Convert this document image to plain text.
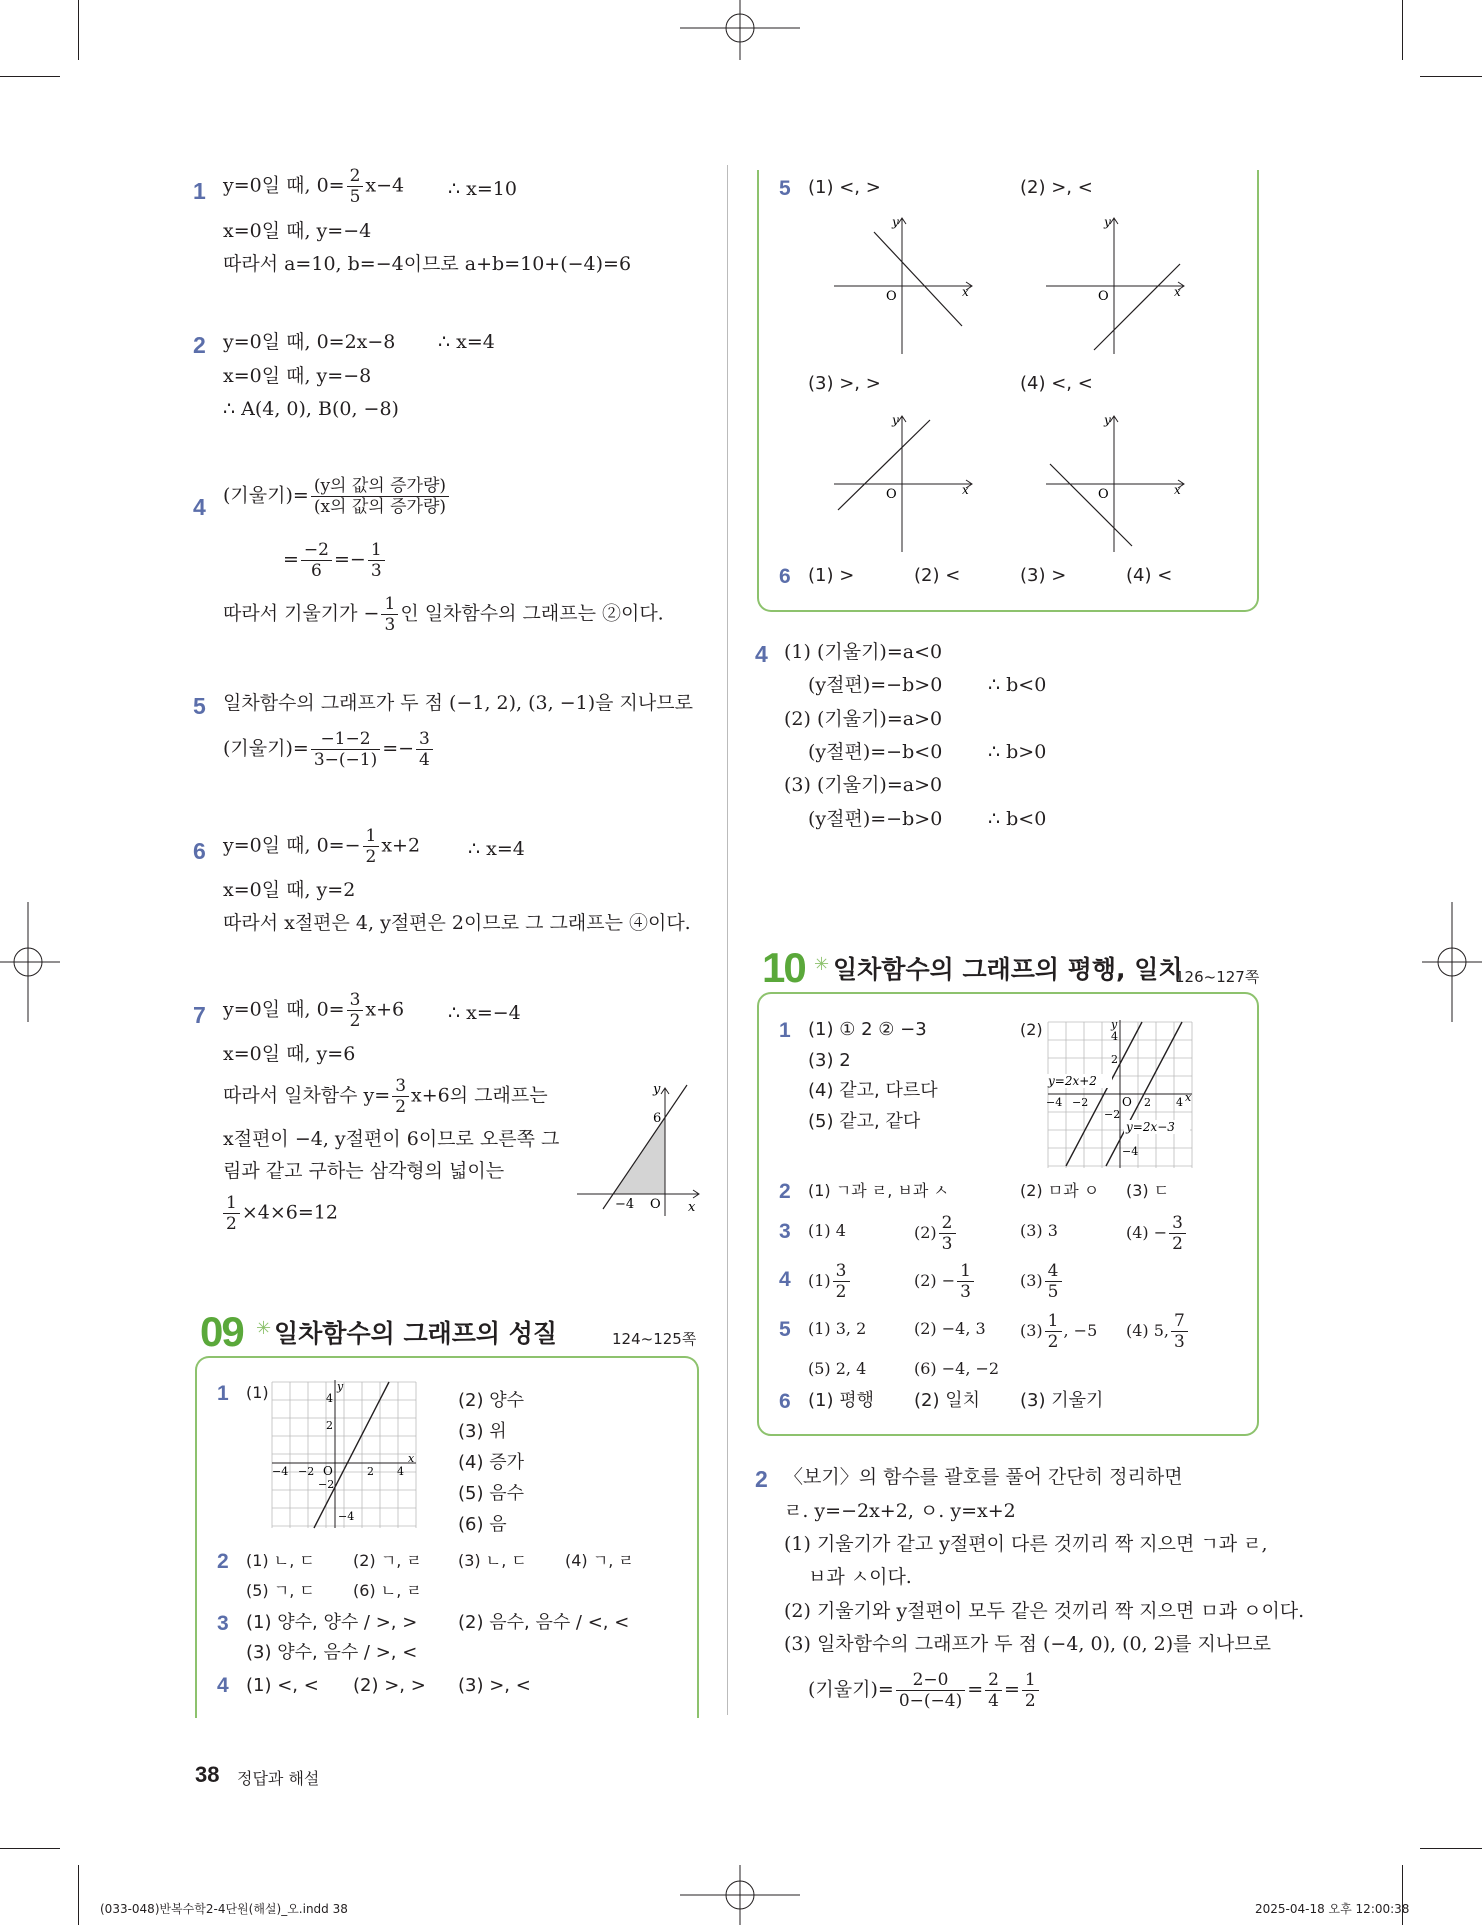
1 y=0일 때, $0= \frac{2}{5} x-4$ ∴ x=10
x=0일 때, y=−4
따라서 a=10, b=−4이므로 a+b=10+(−4)=6
2 y=0일 때, 0=2x−8 ∴ x=4
x=0일 때, y=−8
∴ A(4, 0), B(0, −8)
4 (기울기)= $\frac{\text{(y의 값의 증가량)}}{\text{(x의 값의 증가량)}}$
= $\frac{-2}{6} =- \frac{1}{3}$
따라서 기울기가 − $\frac{1}{3}$ 인 일차함수의 그래프는 ②이다.
5 일차함수의 그래프가 두 점 (−1, 2), (3, −1)을 지나므로
(기울기)= $\frac{-1-2}{3-(-1)} =- \frac{3}{4}$
6 y=0일 때, $0=- \frac{1}{2} x+2$	∴ x=4
x=0일 때, y=2
따라서 x절편은 4, y절편은 2이므로 그 그래프는 ④이다.
7 y=0일 때, $0= \frac{3}{2} x+6$ ∴ x=−4
x=0일 때, y=6
따라서 일차함수 $y= \frac{3}{2} x+6$의 그래프는
x절편이 −4, y절편이 6이므로 오른쪽 그
림과 같고 구하는 삼각형의 넓이는
$\frac{1}{2} \times 4\times 6=12$
y
x
O
6
−4
09 ✳ 일차함수의 그래프의 성질	124~125쪽
1 (1)	y
x
O
4
2
−2
−4
−4 −2	2 4
(2) 양수
(3) 위
(4) 증가
(5) 음수
(6) 음
2 (1) ㄴ, ㄷ (2) ㄱ, ㄹ (3) ㄴ, ㄷ (4) ㄱ, ㄹ
(5) ㄱ, ㄷ (6) ㄴ, ㄹ
3 (1) 양수, 양수 / >, > (2) 음수, 음수 / <, <
(3) 양수, 음수 / >, <
4 (1) <, < (2) >, > (3) >, <
5 (1) <, >	(2) >, <
(3) >, >	(4) <, <
y
x
O
y
x
O
y
x
O
y
x
O
6 (1) >	(2) <	(3) >	(4) <
4 (1) (기울기)=a<0
(y절편)=−b>0 ∴ b<0
(2) (기울기)=a>0
(y절편)=−b<0 ∴ b>0
(3) (기울기)=a>0
(y절편)=−b>0 ∴ b<0
10 ✳ 일차함수의 그래프의 평행, 일치
126~127쪽
1 (1) ① 2 ② −3
(3) 2
(4) 같고, 다르다
(5) 같고, 같다
(2)
y=2x+2
y=2x−3
y
x
O
4
2
−2
−4
−4 −2	2 4
2 (1) ㄱ과 ㄹ, ㅂ과 ㅅ	(2) ㅁ과 ㅇ (3) ㄷ
3 (1) 4	$(2) \frac{2}{3}$	(3) 3	$(4) - \frac{3}{2}$
4 $(1) \frac{3}{2}$	$(2) - \frac{1}{3}$	$(3) \frac{4}{5}$
5 (1) 3, 2	(2) −4, 3 $(3) \frac{1}{2}$ , −5 (4) 5, $\frac{7}{3}$
(5) 2, 4	(6) −4, −2
6 (1) 평행 (2) 일치 (3) 기울기
2 〈보기〉의 함수를 괄호를 풀어 간단히 정리하면
ㄹ. y=−2x+2, ㅇ. y=x+2
(1) 기울기가 같고 y절편이 다른 것끼리 짝 지으면 ㄱ과 ㄹ,
ㅂ과 ㅅ이다.
(2) 기울기와 y절편이 모두 같은 것끼리 짝 지으면 ㅁ과 ㅇ이다.
(3) 일차함수의 그래프가 두 점 (−4, 0), (0, 2)를 지나므로
(기울기)= $\frac{2-0}{0-(-4)} = \frac{2}{4} = \frac{1}{2}$
38 정답과 해설
(033-048)반복수학2-4단원(해설)_오.indd 38	2025-04-18 오후 12:00:38
